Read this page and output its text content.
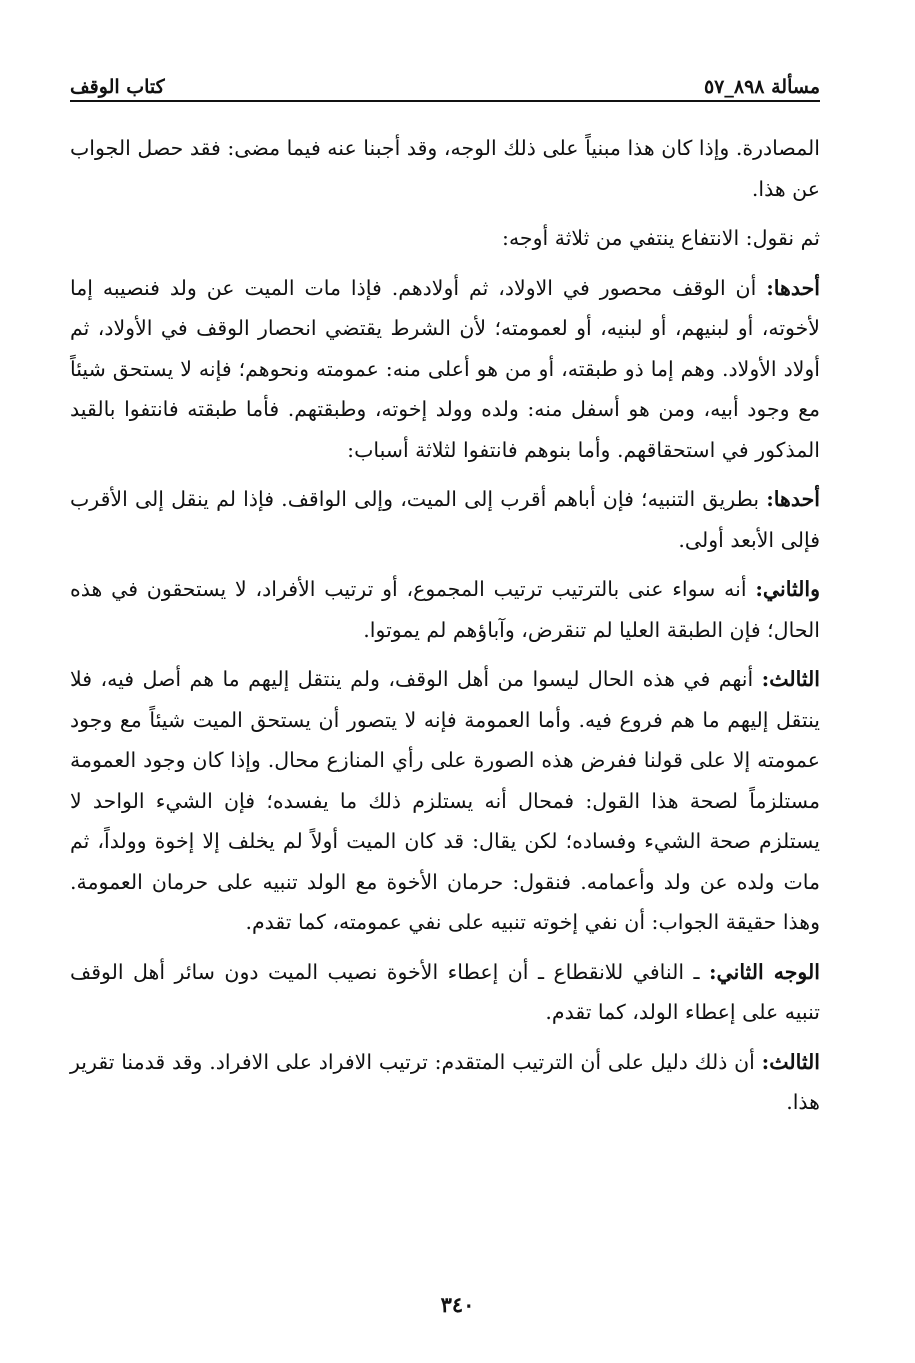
مسألة ٨٩٨_٥٧
كتاب الوقف

المصادرة. وإذا كان هذا مبنياً على ذلك الوجه، وقد أجبنا عنه فيما مضى: فقد حصل الجواب عن هذا.

ثم نقول: الانتفاع ينتفي من ثلاثة أوجه:

أحدها: أن الوقف محصور في الاولاد، ثم أولادهم. فإذا مات الميت عن ولد فنصيبه إما لأخوته، أو لبنيهم، أو لبنيه، أو لعمومته؛ لأن الشرط يقتضي انحصار الوقف في الأولاد، ثم أولاد الأولاد. وهم إما ذو طبقته، أو من هو أعلى منه: عمومته ونحوهم؛ فإنه لا يستحق شيئاً مع وجود أبيه، ومن هو أسفل منه: ولده وولد إخوته، وطبقتهم. فأما طبقته فانتفوا بالقيد المذكور في استحقاقهم. وأما بنوهم فانتفوا لثلاثة أسباب:

أحدها: بطريق التنبيه؛ فإن أباهم أقرب إلى الميت، وإلى الواقف. فإذا لم ينقل إلى الأقرب فإلى الأبعد أولى.

والثاني: أنه سواء عنى بالترتيب ترتيب المجموع، أو ترتيب الأفراد، لا يستحقون في هذه الحال؛ فإن الطبقة العليا لم تنقرض، وآباؤهم لم يموتوا.

الثالث: أنهم في هذه الحال ليسوا من أهل الوقف، ولم ينتقل إليهم ما هم أصل فيه، فلا ينتقل إليهم ما هم فروع فيه. وأما العمومة فإنه لا يتصور أن يستحق الميت شيئاً مع وجود عمومته إلا على قولنا ففرض هذه الصورة على رأي المنازع محال. وإذا كان وجود العمومة مستلزماً لصحة هذا القول: فمحال أنه يستلزم ذلك ما يفسده؛ فإن الشيء الواحد لا يستلزم صحة الشيء وفساده؛ لكن يقال: قد كان الميت أولاً لم يخلف إلا إخوة وولداً، ثم مات ولده عن ولد وأعمامه. فنقول: حرمان الأخوة مع الولد تنبيه على حرمان العمومة. وهذا حقيقة الجواب: أن نفي إخوته تنبيه على نفي عمومته، كما تقدم.

الوجه الثاني: ـ النافي للانقطاع ـ أن إعطاء الأخوة نصيب الميت دون سائر أهل الوقف تنبيه على إعطاء الولد، كما تقدم.

الثالث: أن ذلك دليل على أن الترتيب المتقدم: ترتيب الافراد على الافراد. وقد قدمنا تقرير هذا.

٣٤٠
